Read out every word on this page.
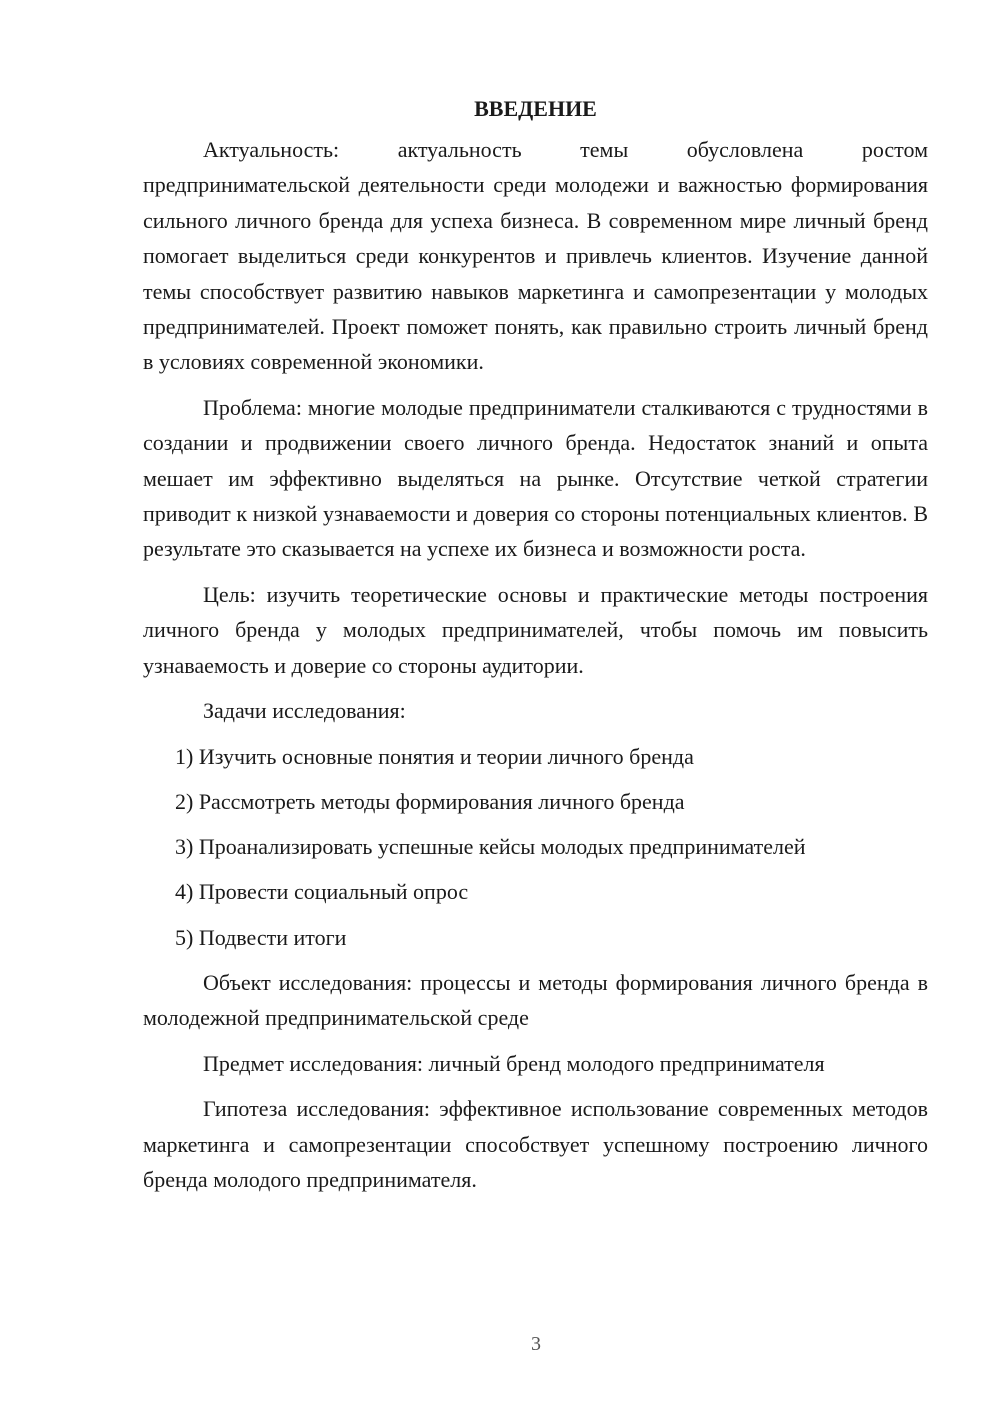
ВВЕДЕНИЕ

Актуальность: актуальность темы обусловлена ростом предпринимательской деятельности среди молодежи и важностью формирования сильного личного бренда для успеха бизнеса. В современном мире личный бренд помогает выделиться среди конкурентов и привлечь клиентов. Изучение данной темы способствует развитию навыков маркетинга и самопрезентации у молодых предпринимателей. Проект поможет понять, как правильно строить личный бренд в условиях современной экономики.

Проблема: многие молодые предприниматели сталкиваются с трудностями в создании и продвижении своего личного бренда. Недостаток знаний и опыта мешает им эффективно выделяться на рынке. Отсутствие четкой стратегии приводит к низкой узнаваемости и доверия со стороны потенциальных клиентов. В результате это сказывается на успехе их бизнеса и возможности роста.

Цель: изучить теоретические основы и практические методы построения личного бренда у молодых предпринимателей, чтобы помочь им повысить узнаваемость и доверие со стороны аудитории.

Задачи исследования:

1) Изучить основные понятия и теории личного бренда
2) Рассмотреть методы формирования личного бренда
3) Проанализировать успешные кейсы молодых предпринимателей
4) Провести социальный опрос
5) Подвести итоги

Объект исследования: процессы и методы формирования личного бренда в молодежной предпринимательской среде

Предмет исследования: личный бренд молодого предпринимателя

Гипотеза исследования: эффективное использование современных методов маркетинга и самопрезентации способствует успешному построению личного бренда молодого предпринимателя.

3
